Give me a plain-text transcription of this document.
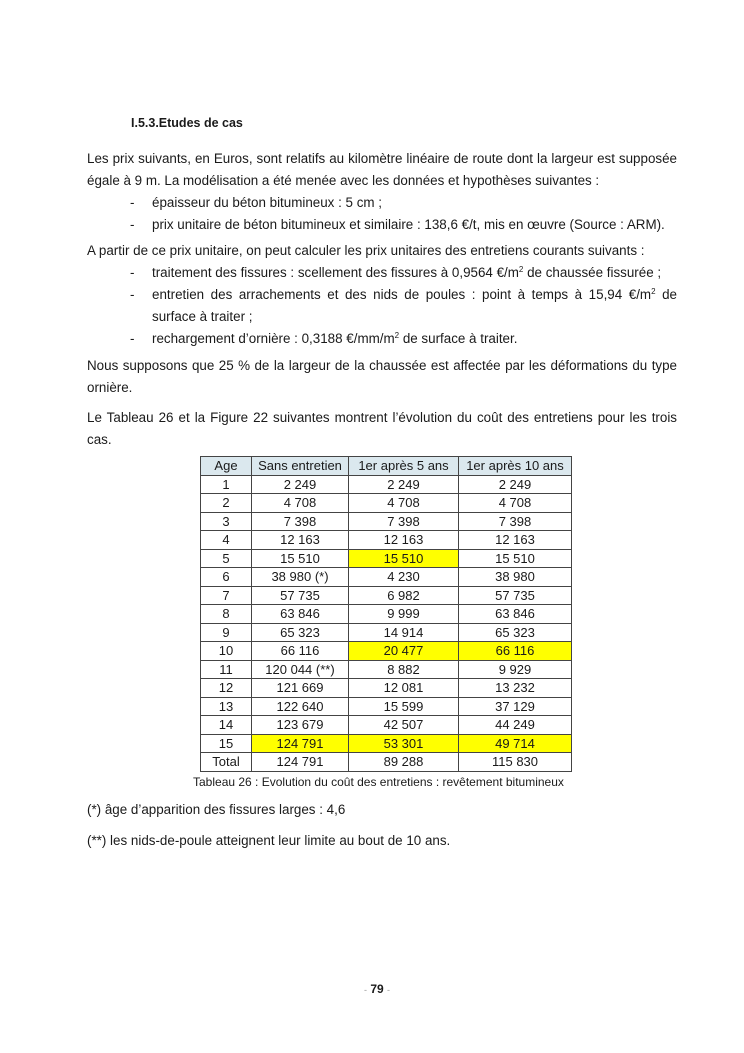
I.5.3.Etudes de cas
Les prix suivants, en Euros, sont relatifs au kilomètre linéaire de route dont la largeur est supposée
égale à 9 m. La modélisation a été menée avec les données et hypothèses suivantes :
- épaisseur du béton bitumineux : 5 cm ;
- prix unitaire de béton bitumineux et similaire : 138,6 €/t, mis en œuvre (Source : ARM).
A partir de ce prix unitaire, on peut calculer les prix unitaires des entretiens courants suivants :
- traitement des fissures : scellement des fissures à 0,9564 $€/m^2$ de chaussée fissurée ;
- entretien des arrachements et des nids de poules : point à temps à 15,94 $€/m^2$ de
surface à traiter ;
- rechargement d’ornière : 0,3188 $€/mm/m^2$ de surface à traiter.
Nous supposons que 25 % de la largeur de la chaussée est affectée par les déformations du type
ornière.
Le Tableau 26 et la Figure 22 suivantes montrent l’évolution du coût des entretiens pour les trois
cas.
Age	Sans entretien	1er après 5 ans	1er après 10 ans
1	2 249	2 249	2 249
2	4 708	4 708	4 708
3	7 398	7 398	7 398
4	12 163	12 163	12 163
5	15 510	15 510	15 510
6	38 980 (*)	4 230	38 980
7	57 735	6 982	57 735
8	63 846	9 999	63 846
9	65 323	14 914	65 323
10	66 116	20 477	66 116
11	120 044 (**)	8 882	9 929
12	121 669	12 081	13 232
13	122 640	15 599	37 129
14	123 679	42 507	44 249
15	124 791	53 301	49 714
Total	124 791	89 288	115 830
Tableau 26 : Evolution du coût des entretiens : revêtement bitumineux
(*) âge d’apparition des fissures larges : 4,6
(**) les nids-de-poule atteignent leur limite au bout de 10 ans.
- 79 -
